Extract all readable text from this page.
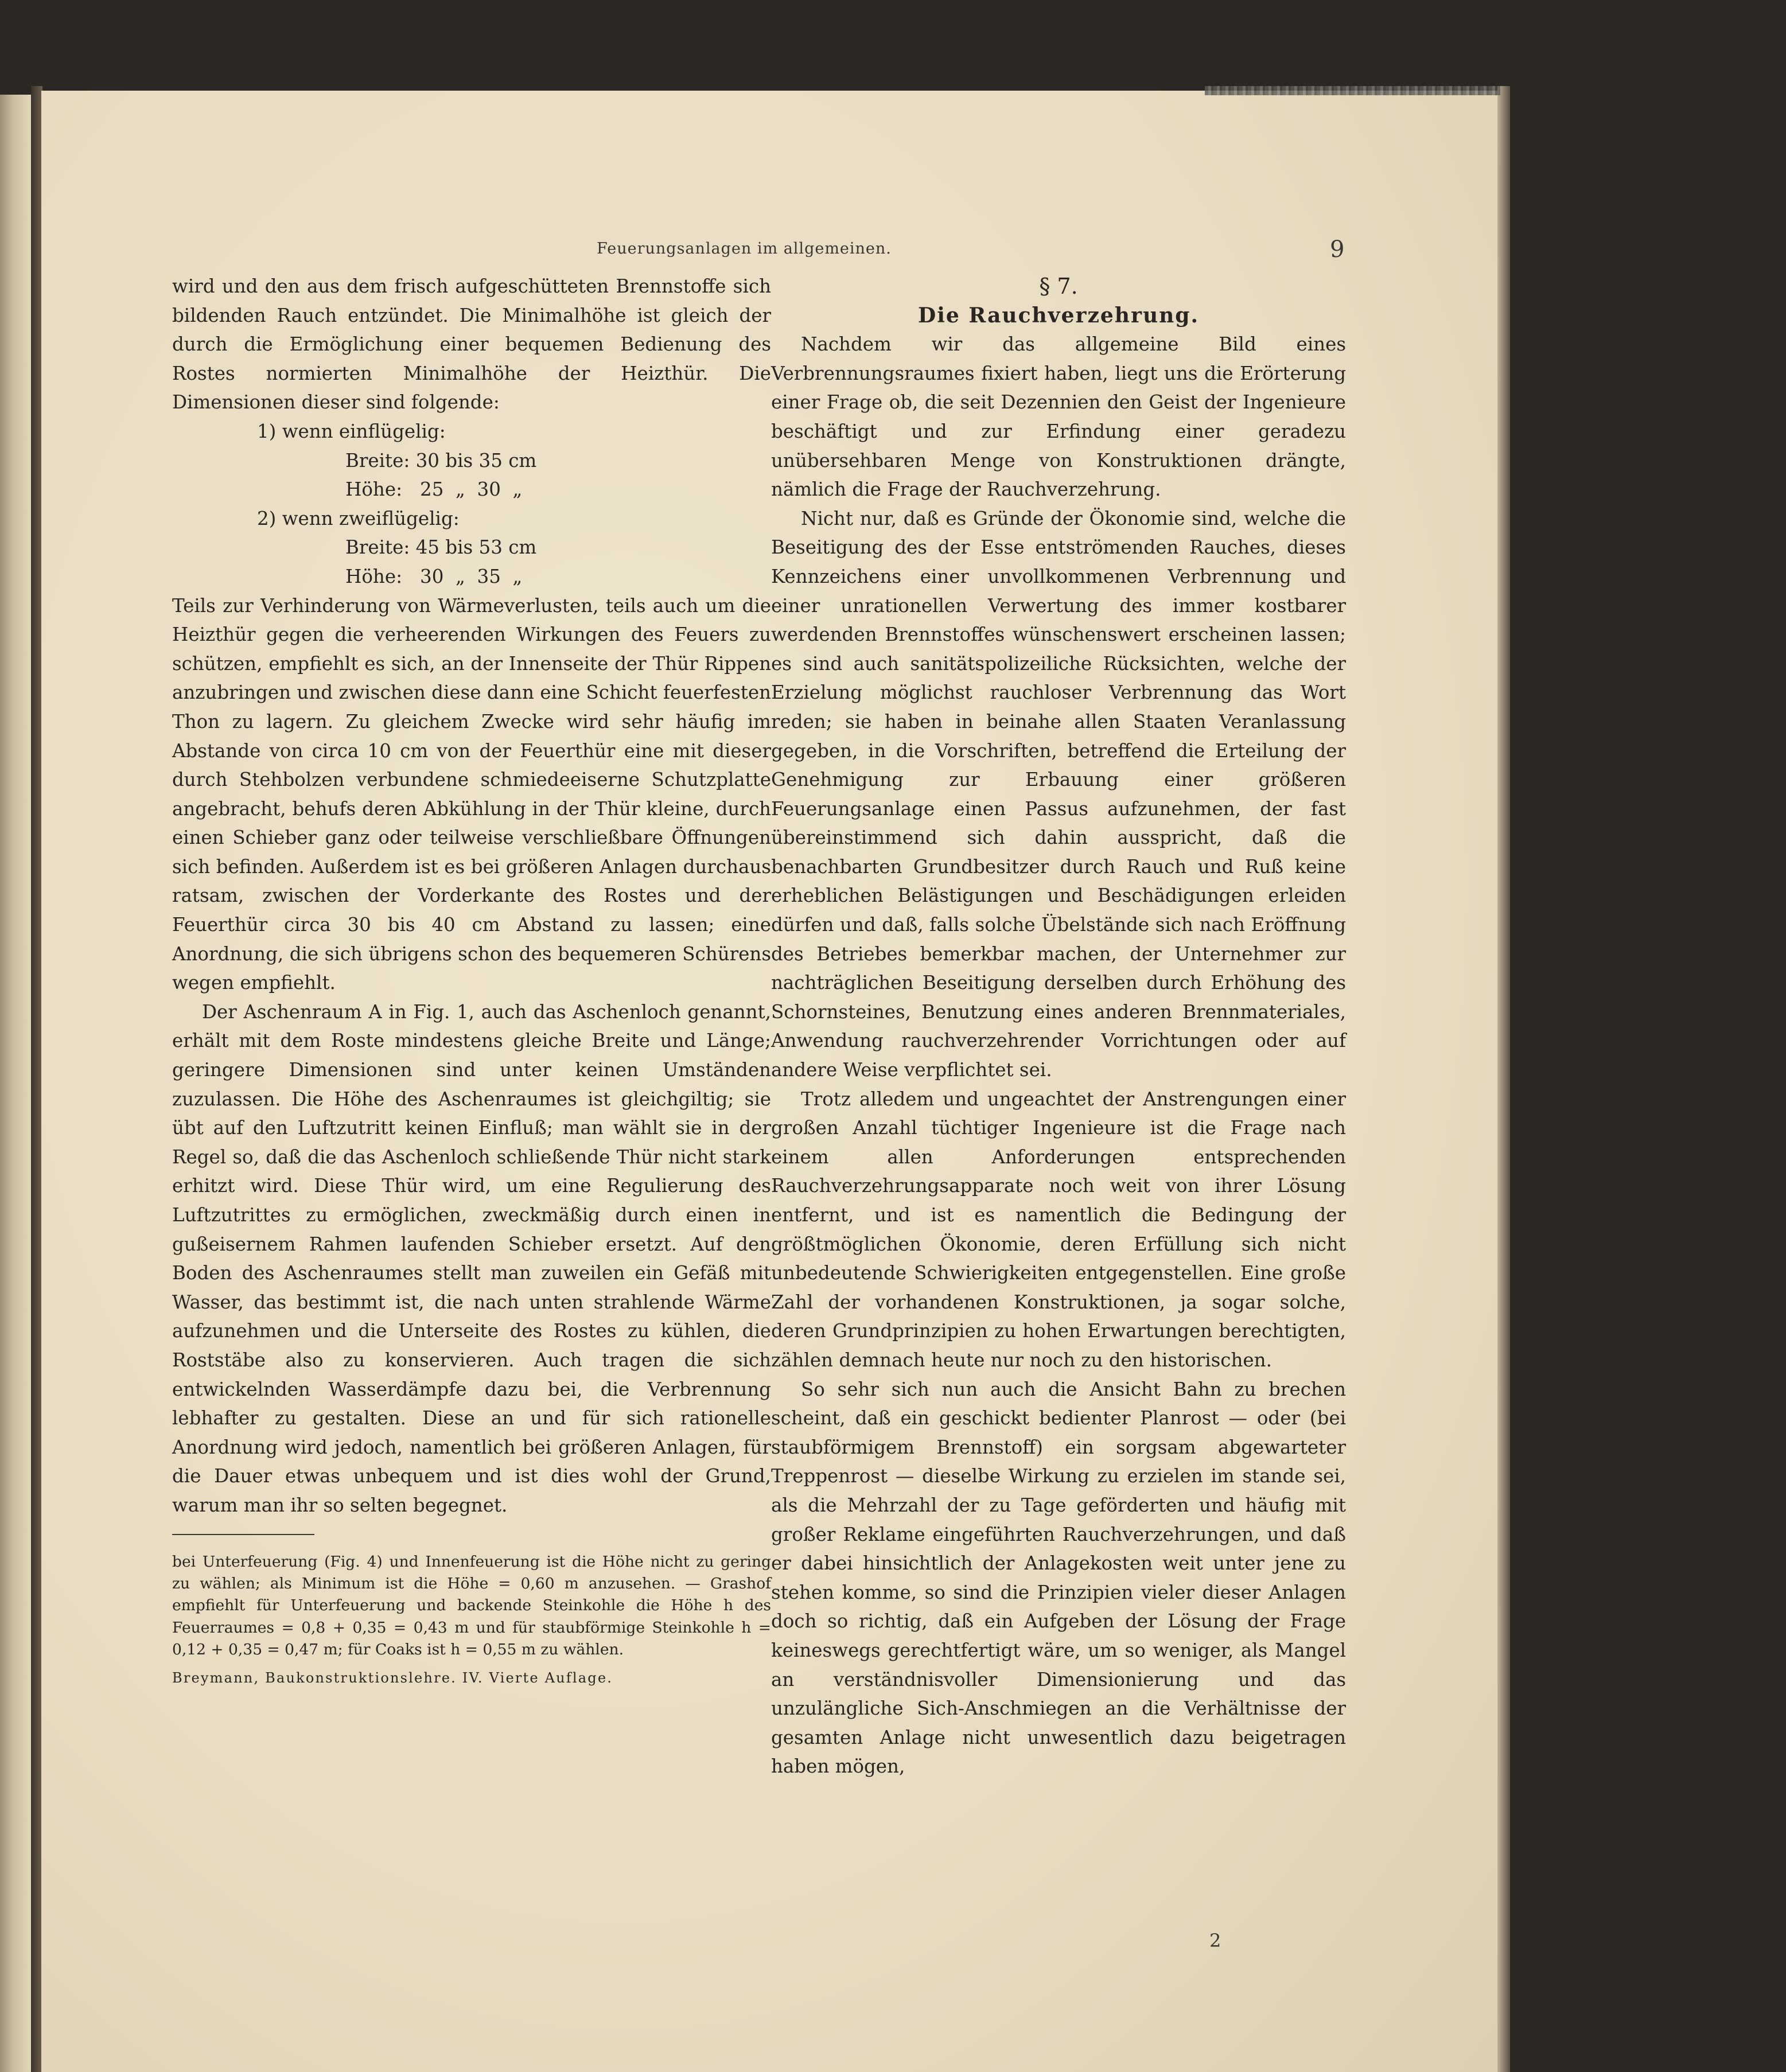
Feuerungsanlagen im allgemeinen.	9

wird und den aus dem frisch aufgeschütteten Brennstoffe sich bildenden Rauch entzündet. Die Minimalhöhe ist gleich der durch die Ermöglichung einer bequemen Bedienung des Rostes normierten Minimalhöhe der Heizthür. Die Dimensionen dieser sind folgende:

1) wenn einflügelig:
Breite: 30 bis 35 cm
Höhe:   25  „  30  „
2) wenn zweiflügelig:
Breite: 45 bis 53 cm
Höhe:   30  „  35  „

Teils zur Verhinderung von Wärmeverlusten, teils auch um die Heizthür gegen die verheerenden Wirkungen des Feuers zu schützen, empfiehlt es sich, an der Innenseite der Thür Rippen anzubringen und zwischen diese dann eine Schicht feuerfesten Thon zu lagern. Zu gleichem Zwecke wird sehr häufig im Abstande von circa 10 cm von der Feuerthür eine mit dieser durch Stehbolzen verbundene schmiedeeiserne Schutzplatte angebracht, behufs deren Abkühlung in der Thür kleine, durch einen Schieber ganz oder teilweise verschließbare Öffnungen sich befinden. Außerdem ist es bei größeren Anlagen durchaus ratsam, zwischen der Vorderkante des Rostes und der Feuerthür circa 30 bis 40 cm Abstand zu lassen; eine Anordnung, die sich übrigens schon des bequemeren Schürens wegen empfiehlt.

Der Aschenraum A in Fig. 1, auch das Aschenloch genannt, erhält mit dem Roste mindestens gleiche Breite und Länge; geringere Dimensionen sind unter keinen Umständen zuzulassen. Die Höhe des Aschenraumes ist gleichgiltig; sie übt auf den Luftzutritt keinen Einfluß; man wählt sie in der Regel so, daß die das Aschenloch schließende Thür nicht stark erhitzt wird. Diese Thür wird, um eine Regulierung des Luftzutrittes zu ermöglichen, zweckmäßig durch einen in gußeisernem Rahmen laufenden Schieber ersetzt. Auf den Boden des Aschenraumes stellt man zuweilen ein Gefäß mit Wasser, das bestimmt ist, die nach unten strahlende Wärme aufzunehmen und die Unterseite des Rostes zu kühlen, die Roststäbe also zu konservieren. Auch tragen die sich entwickelnden Wasserdämpfe dazu bei, die Verbrennung lebhafter zu gestalten. Diese an und für sich rationelle Anordnung wird jedoch, namentlich bei größeren Anlagen, für die Dauer etwas unbequem und ist dies wohl der Grund, warum man ihr so selten begegnet.

bei Unterfeuerung (Fig. 4) und Innenfeuerung ist die Höhe nicht zu gering zu wählen; als Minimum ist die Höhe = 0,60 m anzusehen. — Grashof empfiehlt für Unterfeuerung und backende Steinkohle die Höhe h des Feuerraumes = 0,8 + 0,35 = 0,43 m und für staubförmige Steinkohle h = 0,12 + 0,35 = 0,47 m; für Coaks ist h = 0,55 m zu wählen.

Breymann, Baukonstruktionslehre. IV. Vierte Auflage.
§ 7.
Die Rauchverzehrung.

Nachdem wir das allgemeine Bild eines Verbrennungsraumes fixiert haben, liegt uns die Erörterung einer Frage ob, die seit Dezennien den Geist der Ingenieure beschäftigt und zur Erfindung einer geradezu unübersehbaren Menge von Konstruktionen drängte, nämlich die Frage der Rauchverzehrung.

Nicht nur, daß es Gründe der Ökonomie sind, welche die Beseitigung des der Esse entströmenden Rauches, dieses Kennzeichens einer unvollkommenen Verbrennung und einer unrationellen Verwertung des immer kostbarer werdenden Brennstoffes wünschenswert erscheinen lassen; es sind auch sanitätspolizeiliche Rücksichten, welche der Erzielung möglichst rauchloser Verbrennung das Wort reden; sie haben in beinahe allen Staaten Veranlassung gegeben, in die Vorschriften, betreffend die Erteilung der Genehmigung zur Erbauung einer größeren Feuerungsanlage einen Passus aufzunehmen, der fast übereinstimmend sich dahin ausspricht, daß die benachbarten Grundbesitzer durch Rauch und Ruß keine erheblichen Belästigungen und Beschädigungen erleiden dürfen und daß, falls solche Übelstände sich nach Eröffnung des Betriebes bemerkbar machen, der Unternehmer zur nachträglichen Beseitigung derselben durch Erhöhung des Schornsteines, Benutzung eines anderen Brennmateriales, Anwendung rauchverzehrender Vorrichtungen oder auf andere Weise verpflichtet sei.

Trotz alledem und ungeachtet der Anstrengungen einer großen Anzahl tüchtiger Ingenieure ist die Frage nach einem allen Anforderungen entsprechenden Rauchverzehrungsapparate noch weit von ihrer Lösung entfernt, und ist es namentlich die Bedingung der größtmöglichen Ökonomie, deren Erfüllung sich nicht unbedeutende Schwierigkeiten entgegenstellen. Eine große Zahl der vorhandenen Konstruktionen, ja sogar solche, deren Grundprinzipien zu hohen Erwartungen berechtigten, zählen demnach heute nur noch zu den historischen.

So sehr sich nun auch die Ansicht Bahn zu brechen scheint, daß ein geschickt bedienter Planrost — oder (bei staubförmigem Brennstoff) ein sorgsam abgewarteter Treppenrost — dieselbe Wirkung zu erzielen im stande sei, als die Mehrzahl der zu Tage geförderten und häufig mit großer Reklame eingeführten Rauchverzehrungen, und daß er dabei hinsichtlich der Anlagekosten weit unter jene zu stehen komme, so sind die Prinzipien vieler dieser Anlagen doch so richtig, daß ein Aufgeben der Lösung der Frage keineswegs gerechtfertigt wäre, um so weniger, als Mangel an verständnisvoller Dimensionierung und das unzulängliche Sich-Anschmiegen an die Verhältnisse der gesamten Anlage nicht unwesentlich dazu beigetragen haben mögen,

2
